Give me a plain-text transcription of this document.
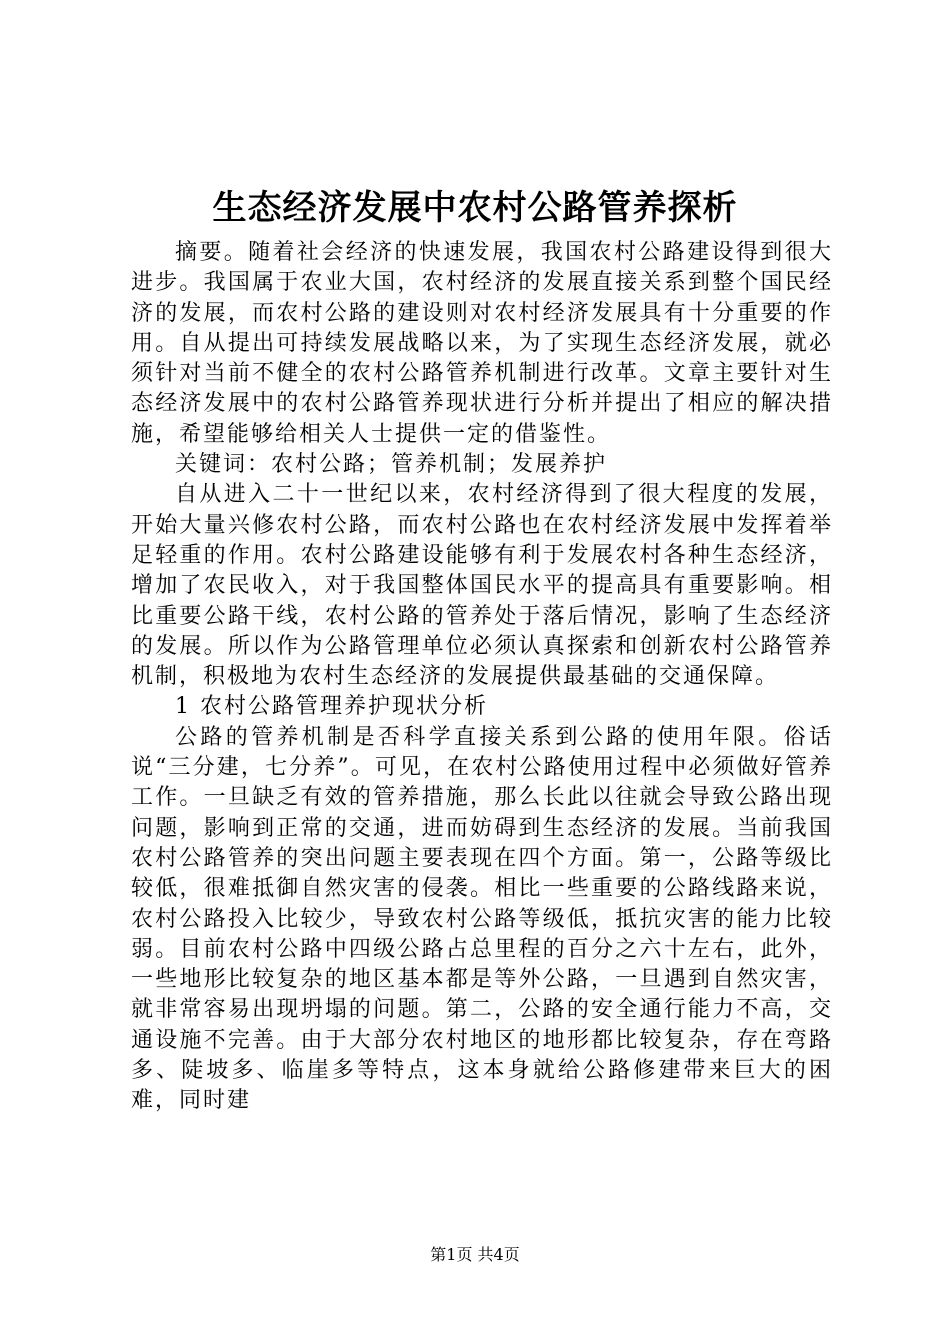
生态经济发展中农村公路管养探析

摘要。随着社会经济的快速发展，我国农村公路建设得到很大进步。我国属于农业大国，农村经济的发展直接关系到整个国民经济的发展，而农村公路的建设则对农村经济发展具有十分重要的作用。自从提出可持续发展战略以来，为了实现生态经济发展，就必须针对当前不健全的农村公路管养机制进行改革。文章主要针对生态经济发展中的农村公路管养现状进行分析并提出了相应的解决措施，希望能够给相关人士提供一定的借鉴性。

关键词：农村公路；管养机制；发展养护

自从进入二十一世纪以来，农村经济得到了很大程度的发展，开始大量兴修农村公路，而农村公路也在农村经济发展中发挥着举足轻重的作用。农村公路建设能够有利于发展农村各种生态经济，增加了农民收入，对于我国整体国民水平的提高具有重要影响。相比重要公路干线，农村公路的管养处于落后情况，影响了生态经济的发展。所以作为公路管理单位必须认真探索和创新农村公路管养机制，积极地为农村生态经济的发展提供最基础的交通保障。

1 农村公路管理养护现状分析

公路的管养机制是否科学直接关系到公路的使用年限。俗话说“三分建，七分养”。可见，在农村公路使用过程中必须做好管养工作。一旦缺乏有效的管养措施，那么长此以往就会导致公路出现问题，影响到正常的交通，进而妨碍到生态经济的发展。当前我国农村公路管养的突出问题主要表现在四个方面。第一，公路等级比较低，很难抵御自然灾害的侵袭。相比一些重要的公路线路来说，农村公路投入比较少，导致农村公路等级低，抵抗灾害的能力比较弱。目前农村公路中四级公路占总里程的百分之六十左右，此外，一些地形比较复杂的地区基本都是等外公路，一旦遇到自然灾害，就非常容易出现坍塌的问题。第二，公路的安全通行能力不高，交通设施不完善。由于大部分农村地区的地形都比较复杂，存在弯路多、陡坡多、临崖多等特点，这本身就给公路修建带来巨大的困难，同时建

第1页 共4页
